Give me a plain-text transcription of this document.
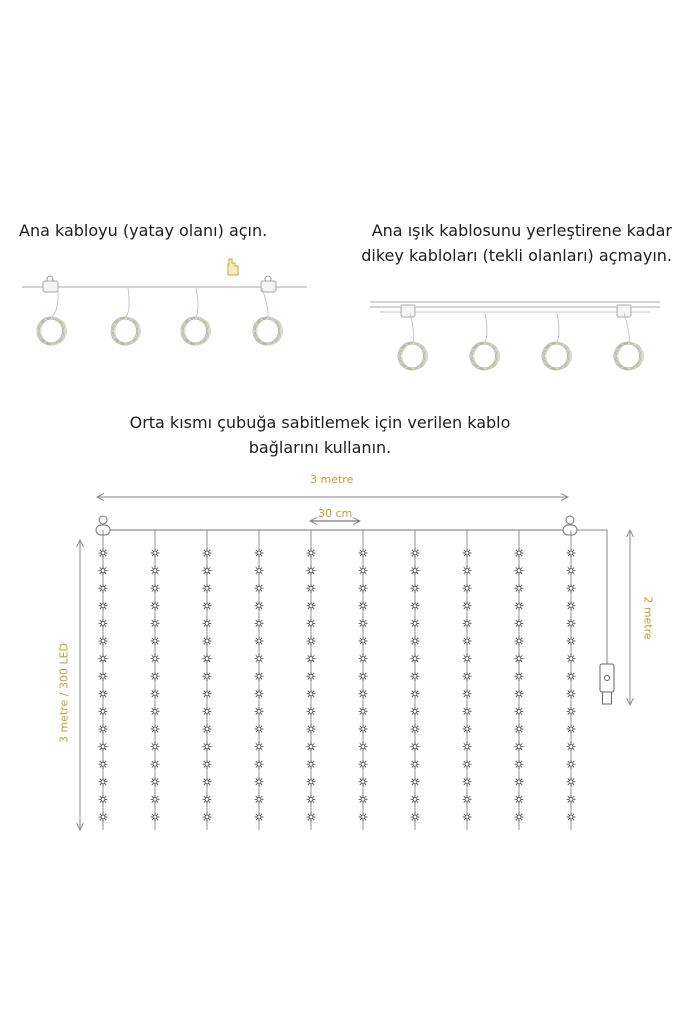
Ana kabloyu (yatay olanı) açın.	Ana ışık kablosunu yerleştirene kadar
dikey kabloları (tekli olanları) açmayın.
Orta kısmı çubuğa sabitlemek için verilen kablo
bağlarını kullanın.
3 metre
30 cm
3 metre / 300 LED
2 metre
